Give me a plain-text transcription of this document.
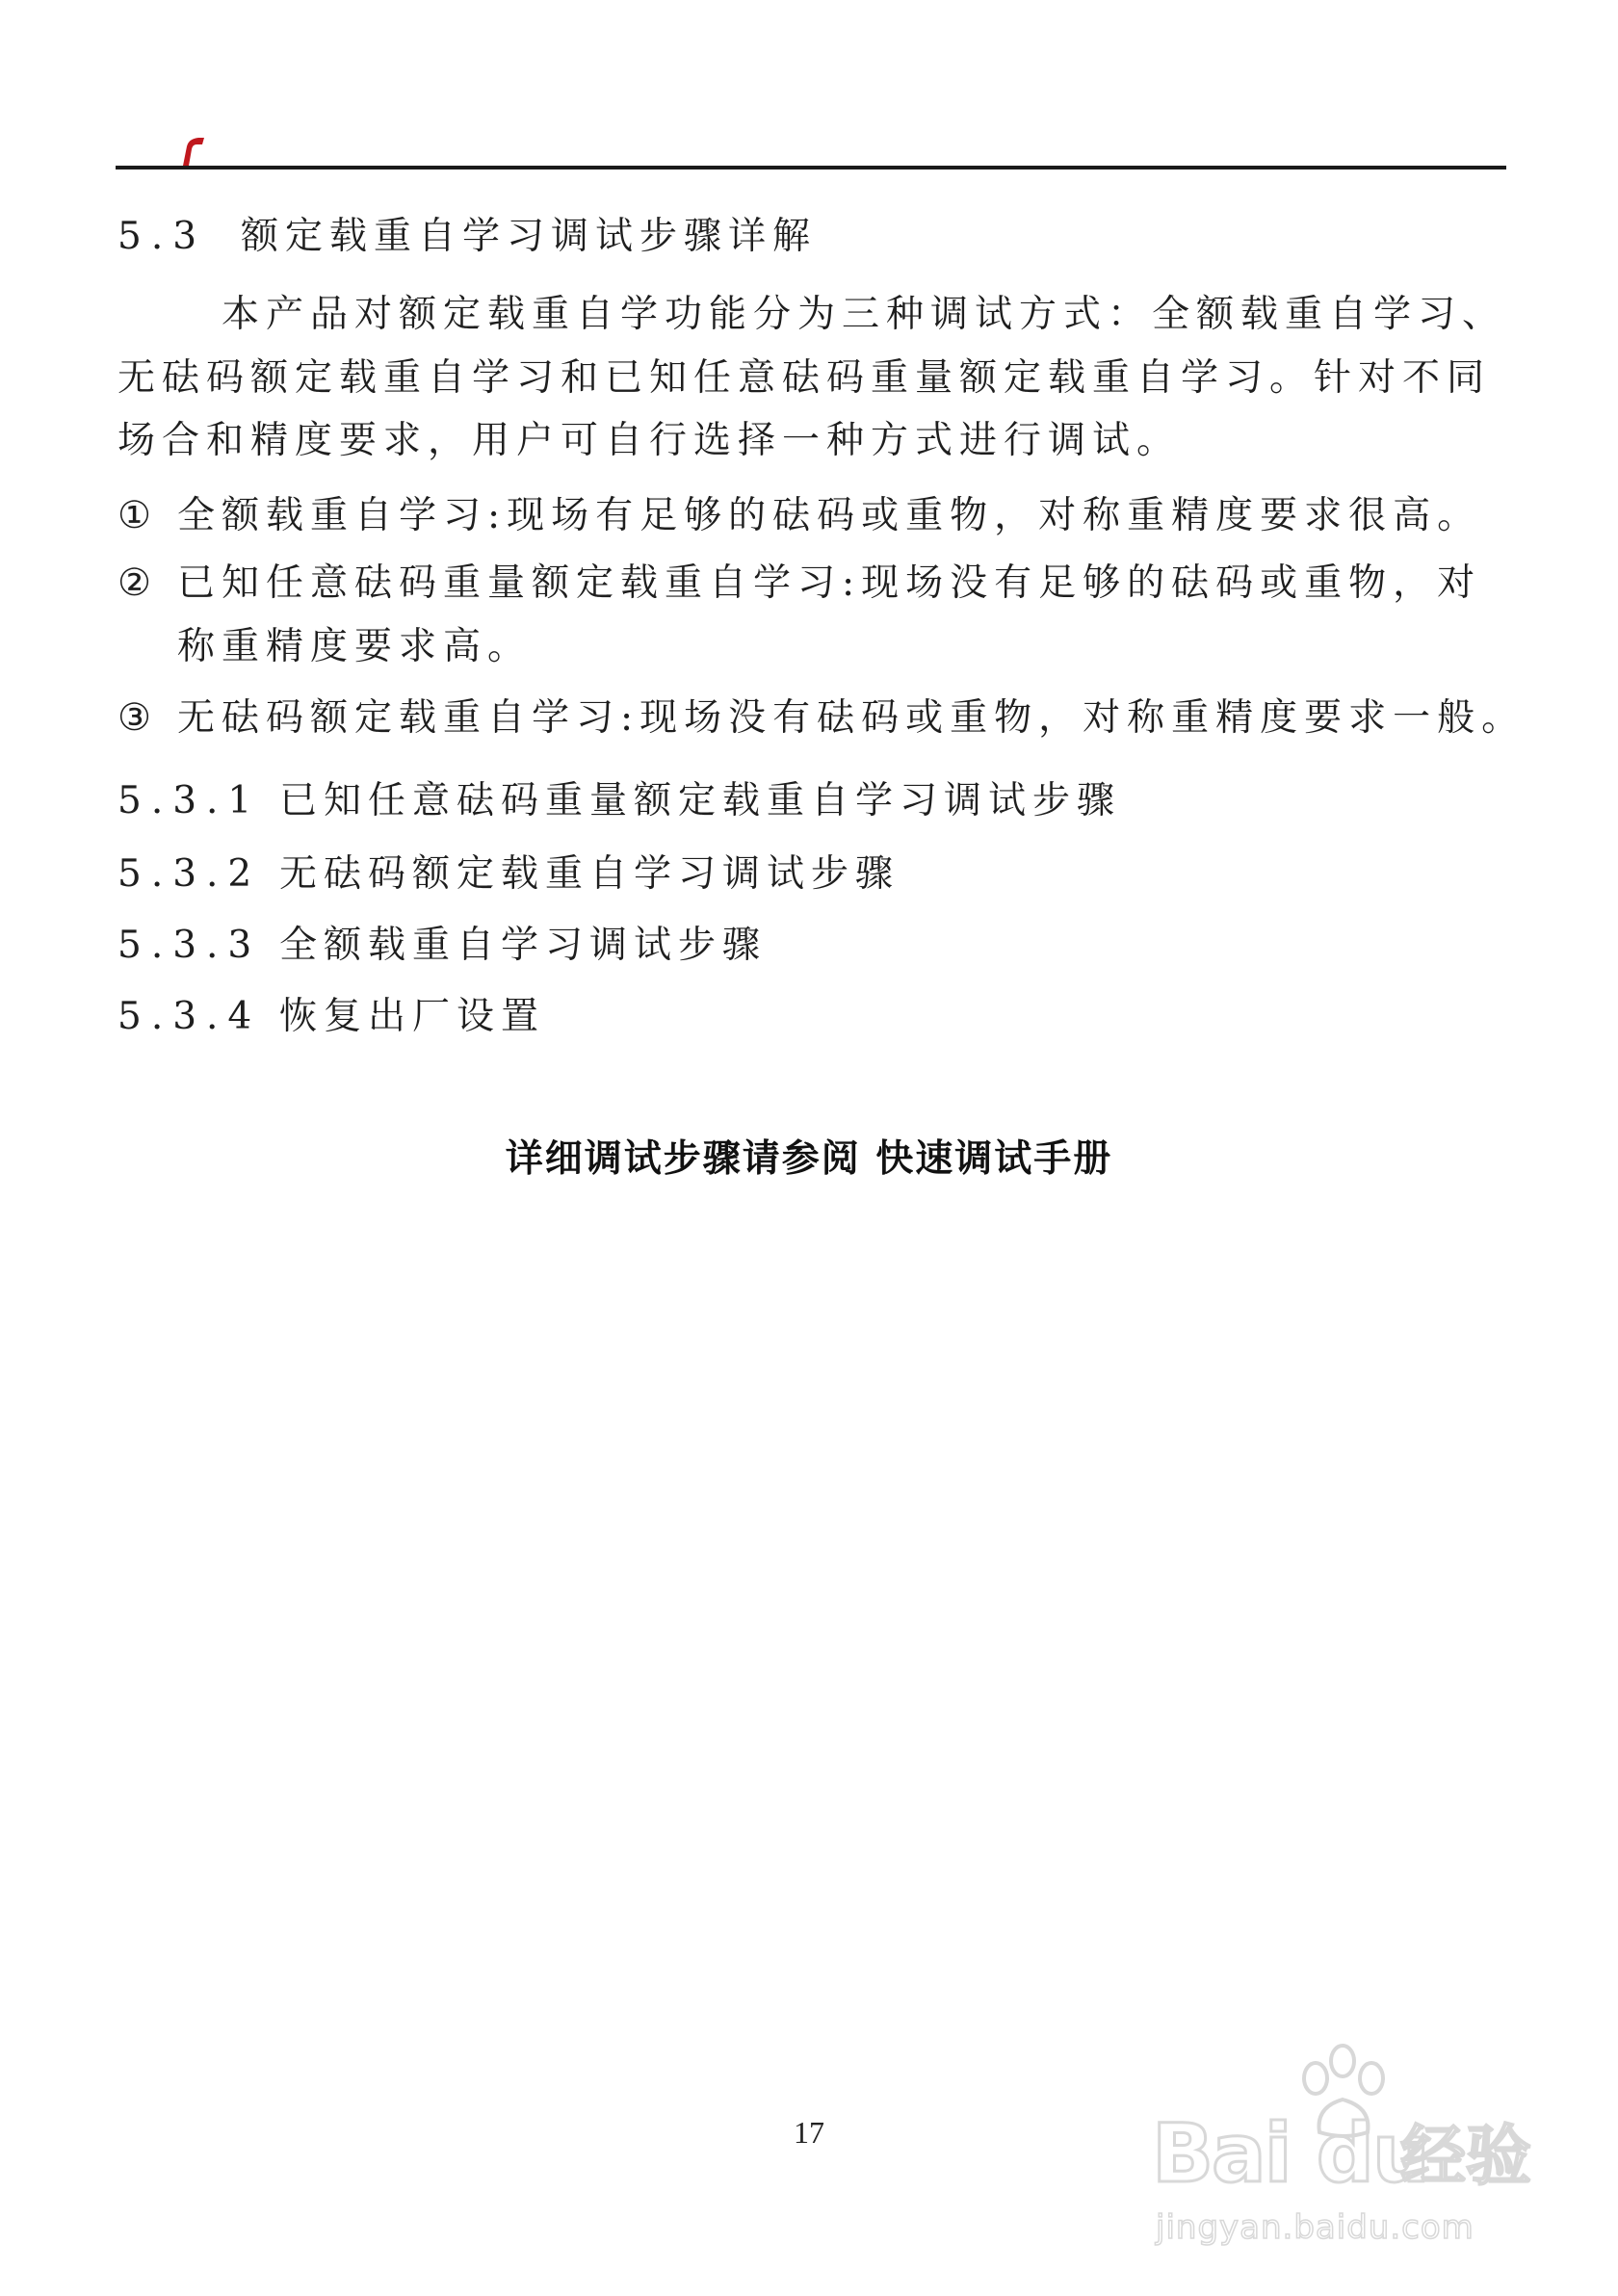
5.3 额定载重自学习调试步骤详解
本产品对额定载重自学功能分为三种调试方式：全额载重自学习、
无砝码额定载重自学习和已知任意砝码重量额定载重自学习。针对不同
场合和精度要求，用户可自行选择一种方式进行调试。
① 全额载重自学习:现场有足够的砝码或重物，对称重精度要求很高。
② 已知任意砝码重量额定载重自学习:现场没有足够的砝码或重物，对
称重精度要求高。
③ 无砝码额定载重自学习:现场没有砝码或重物，对称重精度要求一般。
5.3.1 已知任意砝码重量额定载重自学习调试步骤
5.3.2 无砝码额定载重自学习调试步骤
5.3.3 全额载重自学习调试步骤
5.3.4 恢复出厂设置
详细调试步骤请参阅 快速调试手册
17	Bai du
经验
jingyan.baidu.com
